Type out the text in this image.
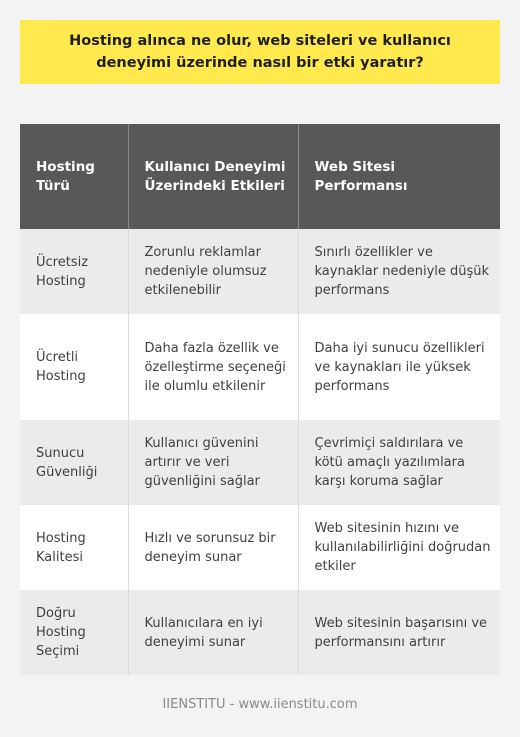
Hosting alınca ne olur, web siteleri ve kullanıcı deneyimi üzerinde nasıl bir etki yaratır?
Hosting Türü	Kullanıcı Deneyimi Üzerindeki Etkileri	Web Sitesi Performansı
Ücretsiz Hosting	Zorunlu reklamlar nedeniyle olumsuz etkilenebilir	Sınırlı özellikler ve kaynaklar nedeniyle düşük performans
Ücretli Hosting	Daha fazla özellik ve özelleştirme seçeneği ile olumlu etkilenir	Daha iyi sunucu özellikleri ve kaynakları ile yüksek performans
Sunucu Güvenliği	Kullanıcı güvenini artırır ve veri güvenliğini sağlar	Çevrimiçi saldırılara ve kötü amaçlı yazılımlara karşı koruma sağlar
Hosting Kalitesi	Hızlı ve sorunsuz bir deneyim sunar	Web sitesinin hızını ve kullanılabilirliğini doğrudan etkiler
Doğru Hosting Seçimi	Kullanıcılara en iyi deneyimi sunar	Web sitesinin başarısını ve performansını artırır
IIENSTITU - www.iienstitu.com
